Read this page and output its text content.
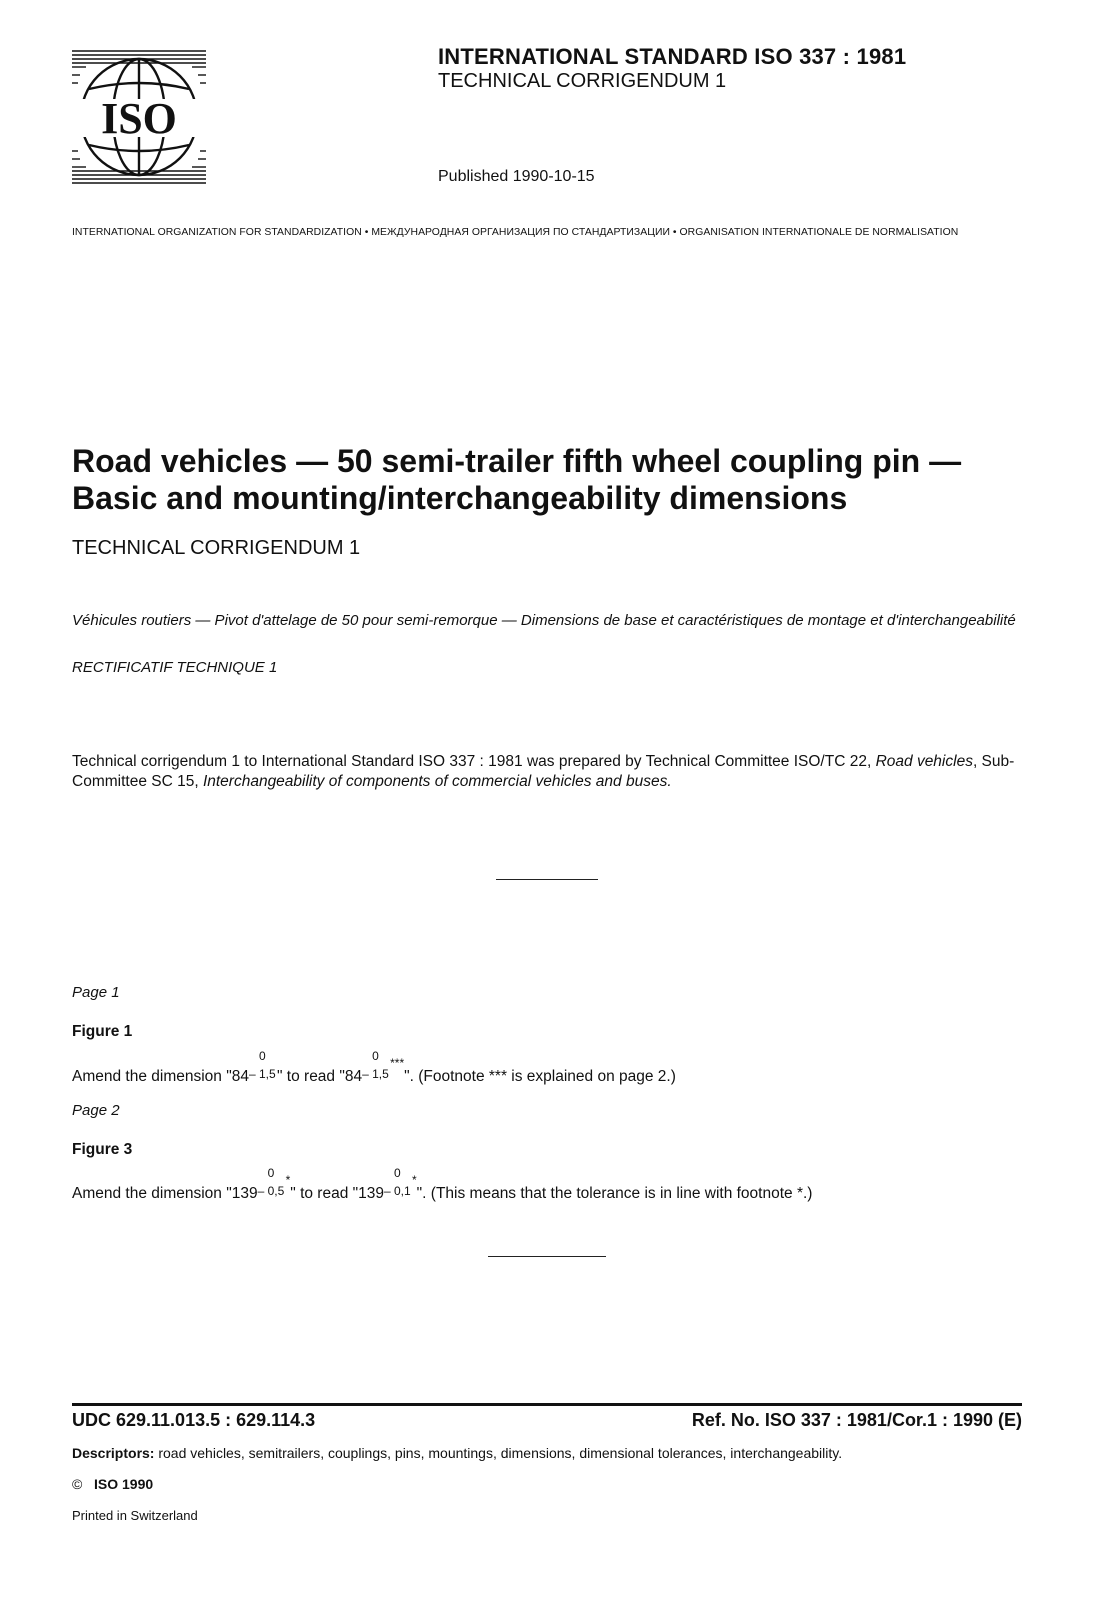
ISO
INTERNATIONAL STANDARD ISO 337 : 1981
TECHNICAL CORRIGENDUM 1
Published 1990-10-15
INTERNATIONAL ORGANIZATION FOR STANDARDIZATION • МЕЖДУНАРОДНАЯ ОРГАНИЗАЦИЯ ПО СТАНДАРТИЗАЦИИ • ORGANISATION INTERNATIONALE DE NORMALISATION
Road vehicles — 50 semi-trailer fifth wheel coupling pin —
Basic and mounting/interchangeability dimensions
TECHNICAL CORRIGENDUM 1
Véhicules routiers — Pivot d'attelage de 50 pour semi-remorque — Dimensions de base et caractéristiques de montage et d'interchangeabilité
RECTIFICATIF TECHNIQUE 1
Technical corrigendum 1 to International Standard ISO 337 : 1981 was prepared by Technical Committee ISO/TC 22, Road vehicles, Sub-Committee SC 15, Interchangeability of components of commercial vehicles and buses.
Page 1
Figure 1
Amend the dimension "84
0
– 1,5 " to read "84
0
– 1,5
***". (Footnote *** is explained on page 2.)
Page 2
Figure 3
Amend the dimension "139
0
– 0,5
*" to read "139
0
– 0,1
*". (This means that the tolerance is in line with footnote *.)
UDC 629.11.013.5 : 629.114.3	Ref. No. ISO 337 : 1981/Cor.1 : 1990 (E)
Descriptors: road vehicles, semitrailers, couplings, pins, mountings, dimensions, dimensional tolerances, interchangeability.
© ISO 1990
Printed in Switzerland
